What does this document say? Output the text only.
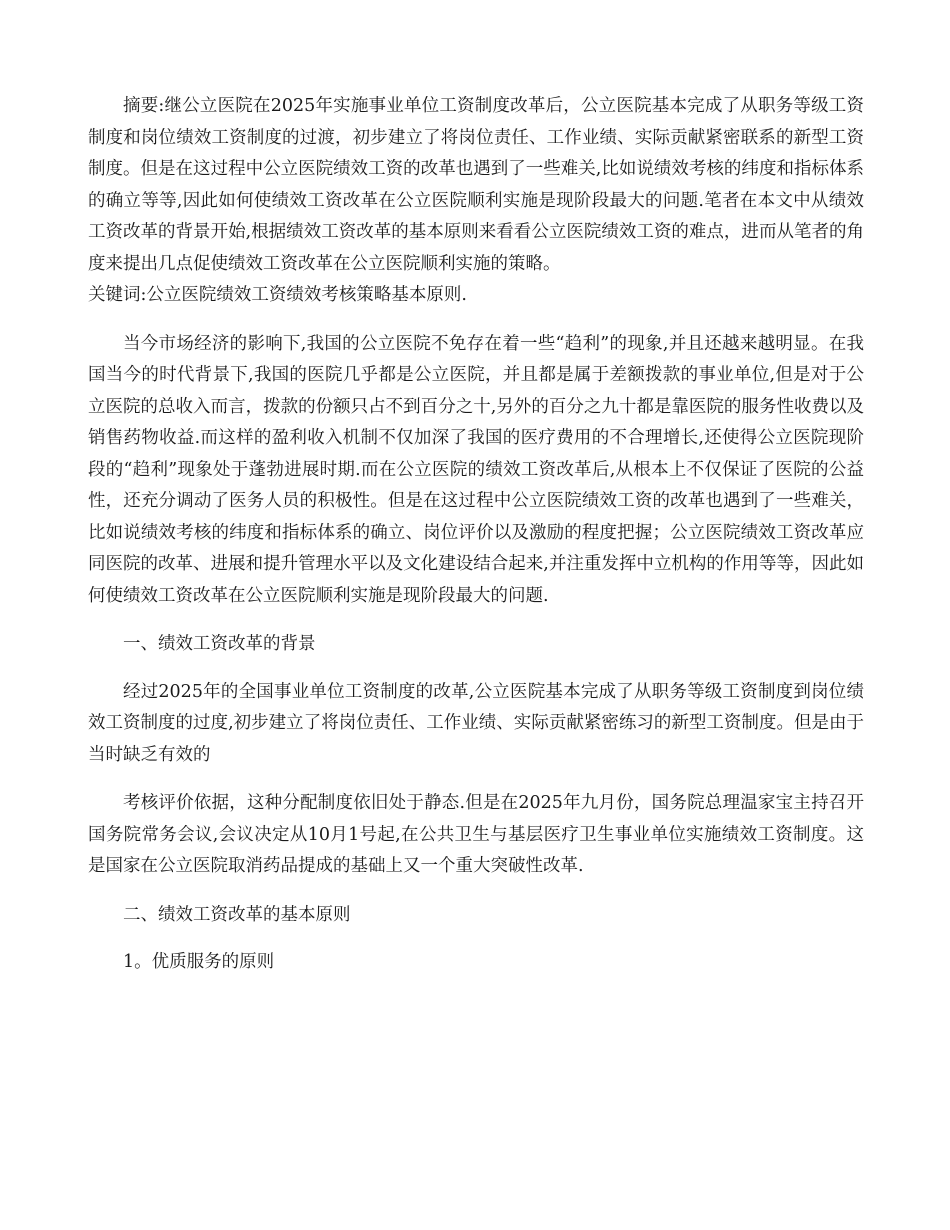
摘要:继公立医院在2025年实施事业单位工资制度改革后，公立医院基本完成了从职务等级工资制度和岗位绩效工资制度的过渡，初步建立了将岗位责任、工作业绩、实际贡献紧密联系的新型工资制度。但是在这过程中公立医院绩效工资的改革也遇到了一些难关,比如说绩效考核的纬度和指标体系的确立等等,因此如何使绩效工资改革在公立医院顺利实施是现阶段最大的问题.笔者在本文中从绩效工资改革的背景开始,根据绩效工资改革的基本原则来看看公立医院绩效工资的难点，进而从笔者的角度来提出几点促使绩效工资改革在公立医院顺利实施的策略。

关键词:公立医院绩效工资绩效考核策略基本原则.

当今市场经济的影响下,我国的公立医院不免存在着一些“趋利”的现象,并且还越来越明显。在我国当今的时代背景下,我国的医院几乎都是公立医院，并且都是属于差额拨款的事业单位,但是对于公立医院的总收入而言，拨款的份额只占不到百分之十,另外的百分之九十都是靠医院的服务性收费以及销售药物收益.而这样的盈利收入机制不仅加深了我国的医疗费用的不合理增长,还使得公立医院现阶段的“趋利”现象处于蓬勃进展时期.而在公立医院的绩效工资改革后,从根本上不仅保证了医院的公益性，还充分调动了医务人员的积极性。但是在这过程中公立医院绩效工资的改革也遇到了一些难关，比如说绩效考核的纬度和指标体系的确立、岗位评价以及激励的程度把握；公立医院绩效工资改革应同医院的改革、进展和提升管理水平以及文化建设结合起来,并注重发挥中立机构的作用等等，因此如何使绩效工资改革在公立医院顺利实施是现阶段最大的问题.

一、绩效工资改革的背景

经过2025年的全国事业单位工资制度的改革,公立医院基本完成了从职务等级工资制度到岗位绩效工资制度的过度,初步建立了将岗位责任、工作业绩、实际贡献紧密练习的新型工资制度。但是由于当时缺乏有效的

考核评价依据，这种分配制度依旧处于静态.但是在2025年九月份，国务院总理温家宝主持召开国务院常务会议,会议决定从10月1号起,在公共卫生与基层医疗卫生事业单位实施绩效工资制度。这是国家在公立医院取消药品提成的基础上又一个重大突破性改革.

二、绩效工资改革的基本原则

1。优质服务的原则
